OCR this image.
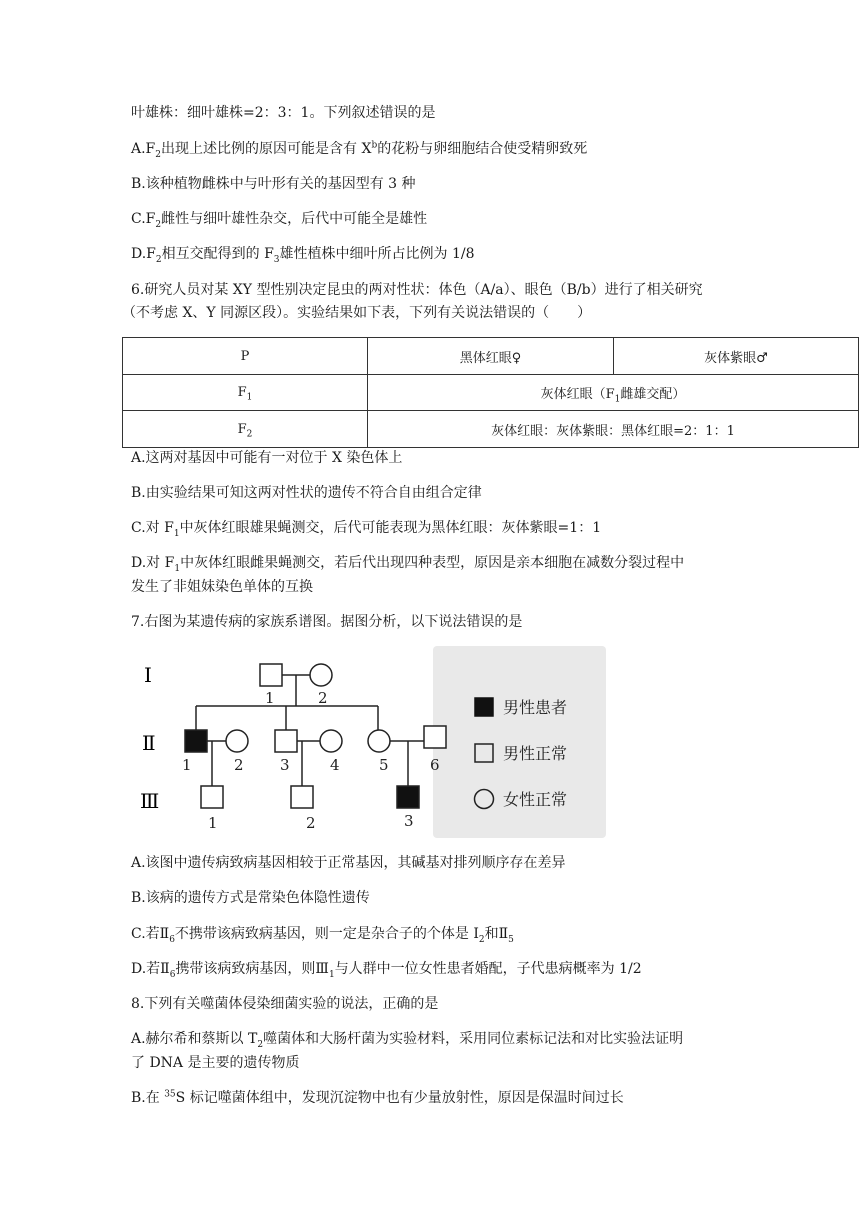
叶雄株：细叶雄株=2：3：1。下列叙述错误的是
$A.F_2$出现上述比例的原因可能是含有 $X^b$的花粉与卵细胞结合使受精卵致死
B.该种植物雌株中与叶形有关的基因型有 3 种
$C.F_2$雌性与细叶雄性杂交，后代中可能全是雄性
$D.F_2$相互交配得到的 $F_3$雄性植株中细叶所占比例为 1/8
6.研究人员对某 XY 型性别决定昆虫的两对性状：体色（A/a）、眼色（B/b）进行了相关研究
（不考虑 X、Y 同源区段）。实验结果如下表，下列有关说法错误的（　　）
P	黑体红眼♀	灰体紫眼♂
$F_1$	灰体红眼（$F_1$雌雄交配）	
$F_2$	灰体红眼：灰体紫眼：黑体红眼=2：1：1	
A.这两对基因中可能有一对位于 X 染色体上
B.由实验结果可知这两对性状的遗传不符合自由组合定律
C.对 $F_1$中灰体红眼雄果蝇测交，后代可能表现为黑体红眼：灰体紫眼=1：1
D.对 $F_1$中灰体红眼雌果蝇测交，若后代出现四种表型，原因是亲本细胞在减数分裂过程中
发生了非姐妹染色单体的互换
7.右图为某遗传病的家族系谱图。据图分析，以下说法错误的是
Ⅰ
Ⅱ
Ⅲ
1	2
1	2 3	4	5	6
1	2	3
男性患者
男性正常
女性正常
A.该图中遗传病致病基因相较于正常基因，其碱基对排列顺序存在差异
B.该病的遗传方式是常染色体隐性遗传
C.若$Ⅱ_6$不携带该病致病基因，则一定是杂合子的个体是 $I_2$和$Ⅱ_5$
D.若$Ⅱ_6$携带该病致病基因，则$Ⅲ_1$与人群中一位女性患者婚配，子代患病概率为 1/2
8.下列有关噬菌体侵染细菌实验的说法，正确的是
A.赫尔希和蔡斯以 $T_2$噬菌体和大肠杆菌为实验材料，采用同位素标记法和对比实验法证明
了 DNA 是主要的遗传物质
B.在 $^{35}$S 标记噬菌体组中，发现沉淀物中也有少量放射性，原因是保温时间过长
